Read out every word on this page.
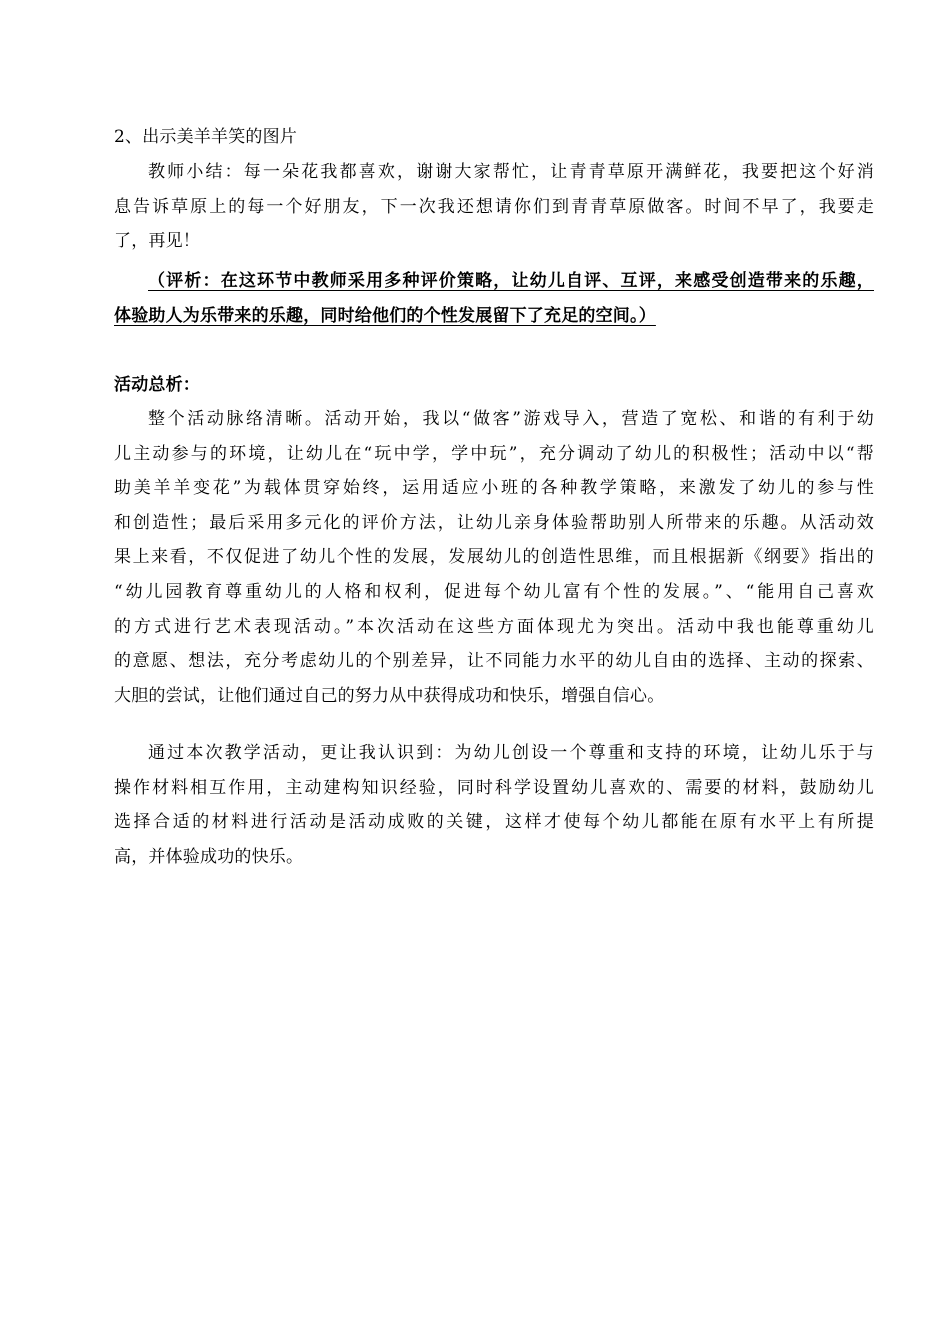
2、出示美羊羊笑的图片
教师小结：每一朵花我都喜欢，谢谢大家帮忙，让青青草原开满鲜花，我要把这个好消
息告诉草原上的每一个好朋友，下一次我还想请你们到青青草原做客。时间不早了，我要走
了，再见！
（评析：在这环节中教师采用多种评价策略，让幼儿自评、互评，来感受创造带来的乐趣，
体验助人为乐带来的乐趣，同时给他们的个性发展留下了充足的空间。）
活动总析：
整个活动脉络清晰。活动开始，我以“做客”游戏导入，营造了宽松、和谐的有利于幼
儿主动参与的环境，让幼儿在“玩中学，学中玩”，充分调动了幼儿的积极性；活动中以“帮
助美羊羊变花”为载体贯穿始终，运用适应小班的各种教学策略，来激发了幼儿的参与性
和创造性；最后采用多元化的评价方法，让幼儿亲身体验帮助别人所带来的乐趣。从活动效
果上来看，不仅促进了幼儿个性的发展，发展幼儿的创造性思维，而且根据新《纲要》指出的
“幼儿园教育尊重幼儿的人格和权利，促进每个幼儿富有个性的发展。”、“能用自己喜欢
的方式进行艺术表现活动。”本次活动在这些方面体现尤为突出。活动中我也能尊重幼儿
的意愿、想法，充分考虑幼儿的个别差异，让不同能力水平的幼儿自由的选择、主动的探索、
大胆的尝试，让他们通过自己的努力从中获得成功和快乐，增强自信心。
通过本次教学活动，更让我认识到：为幼儿创设一个尊重和支持的环境，让幼儿乐于与
操作材料相互作用，主动建构知识经验，同时科学设置幼儿喜欢的、需要的材料，鼓励幼儿
选择合适的材料进行活动是活动成败的关键，这样才使每个幼儿都能在原有水平上有所提
高，并体验成功的快乐。
